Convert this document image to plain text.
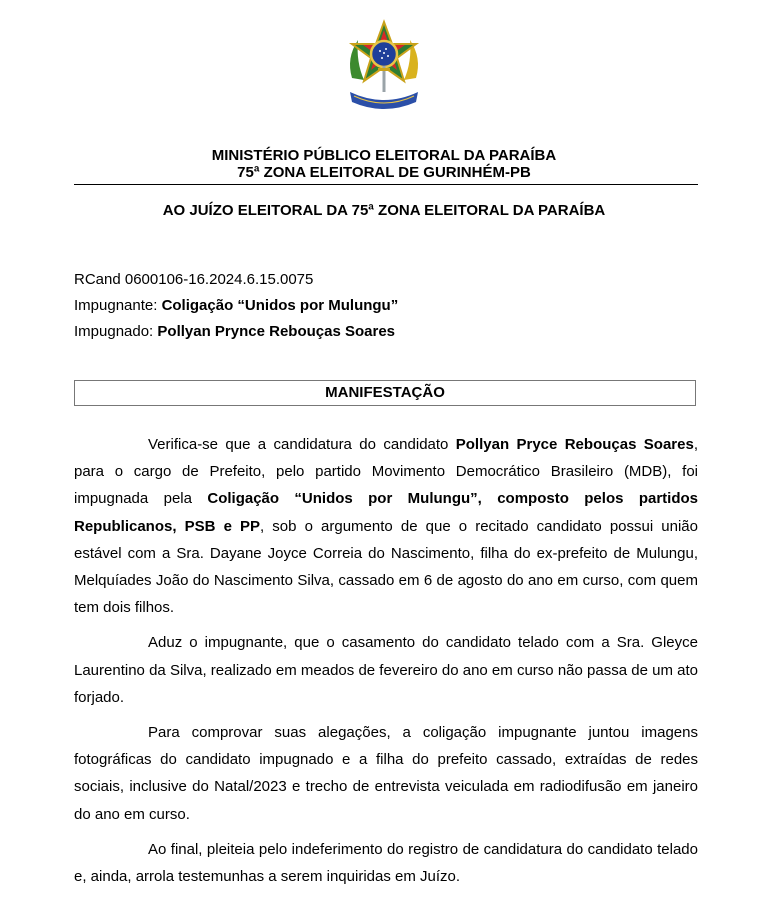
MINISTÉRIO PÚBLICO ELEITORAL DA PARAÍBA
75ª ZONA ELEITORAL DE GURINHÉM-PB
AO JUÍZO ELEITORAL DA 75ª ZONA ELEITORAL DA PARAÍBA
RCand 0600106-16.2024.6.15.0075
Impugnante: Coligação “Unidos por Mulungu”
Impugnado: Pollyan Prynce Rebouças Soares
MANIFESTAÇÃO

Verifica-se que a candidatura do candidato Pollyan Pryce Rebouças Soares, para o cargo de Prefeito, pelo partido Movimento Democrático Brasileiro (MDB), foi impugnada pela Coligação “Unidos por Mulungu”, composto pelos partidos Republicanos, PSB e PP, sob o argumento de que o recitado candidato possui união estável com a Sra. Dayane Joyce Correia do Nascimento, filha do ex-prefeito de Mulungu, Melquíades João do Nascimento Silva, cassado em 6 de agosto do ano em curso, com quem tem dois filhos.

Aduz o impugnante, que o casamento do candidato telado com a Sra. Gleyce Laurentino da Silva, realizado em meados de fevereiro do ano em curso não passa de um ato forjado.

Para comprovar suas alegações, a coligação impugnante juntou imagens fotográficas do candidato impugnado e a filha do prefeito cassado, extraídas de redes sociais, inclusive do Natal/2023 e trecho de entrevista veiculada em radiodifusão em janeiro do ano em curso.

Ao final, pleiteia pelo indeferimento do registro de candidatura do candidato telado e, ainda, arrola testemunhas a serem inquiridas em Juízo.
